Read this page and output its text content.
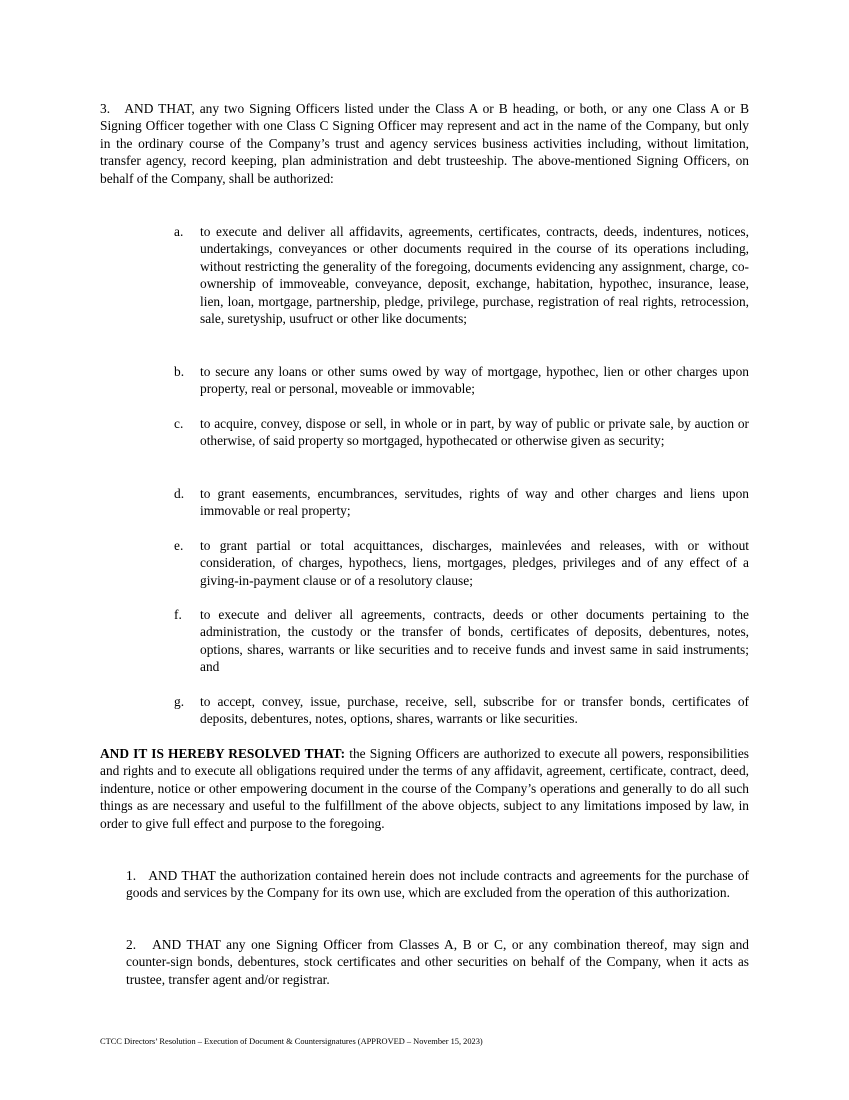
3. AND THAT, any two Signing Officers listed under the Class A or B heading, or both, or any one Class A or B Signing Officer together with one Class C Signing Officer may represent and act in the name of the Company, but only in the ordinary course of the Company’s trust and agency services business activities including, without limitation, transfer agency, record keeping, plan administration and debt trusteeship. The above-mentioned Signing Officers, on behalf of the Company, shall be authorized:

a.	to execute and deliver all affidavits, agreements, certificates, contracts, deeds, indentures, notices, undertakings, conveyances or other documents required in the course of its operations including, without restricting the generality of the foregoing, documents evidencing any assignment, charge, co-ownership of immoveable, conveyance, deposit, exchange, habitation, hypothec, insurance, lease, lien, loan, mortgage, partnership, pledge, privilege, purchase, registration of real rights, retrocession, sale, suretyship, usufruct or other like documents;
b.	to secure any loans or other sums owed by way of mortgage, hypothec, lien or other charges upon property, real or personal, moveable or immovable;
c.	to acquire, convey, dispose or sell, in whole or in part, by way of public or private sale, by auction or otherwise, of said property so mortgaged, hypothecated or otherwise given as security;
d.	to grant easements, encumbrances, servitudes, rights of way and other charges and liens upon immovable or real property;
e.	to grant partial or total acquittances, discharges, mainlevées and releases, with or without consideration, of charges, hypothecs, liens, mortgages, pledges, privileges and of any effect of a giving-in-payment clause or of a resolutory clause;
f.	to execute and deliver all agreements, contracts, deeds or other documents pertaining to the administration, the custody or the transfer of bonds, certificates of deposits, debentures, notes, options, shares, warrants or like securities and to receive funds and invest same in said instruments; and
g.	to accept, convey, issue, purchase, receive, sell, subscribe for or transfer bonds, certificates of deposits, debentures, notes, options, shares, warrants or like securities.

AND IT IS HEREBY RESOLVED THAT: the Signing Officers are authorized to execute all powers, responsibilities and rights and to execute all obligations required under the terms of any affidavit, agreement, certificate, contract, deed, indenture, notice or other empowering document in the course of the Company’s operations and generally to do all such things as are necessary and useful to the fulfillment of the above objects, subject to any limitations imposed by law, in order to give full effect and purpose to the foregoing.

1. AND THAT the authorization contained herein does not include contracts and agreements for the purchase of goods and services by the Company for its own use, which are excluded from the operation of this authorization.

2. AND THAT any one Signing Officer from Classes A, B or C, or any combination thereof, may sign and counter-sign bonds, debentures, stock certificates and other securities on behalf of the Company, when it acts as trustee, transfer agent and/or registrar.

CTCC Directors’ Resolution – Execution of Document & Countersignatures (APPROVED – November 15, 2023)
